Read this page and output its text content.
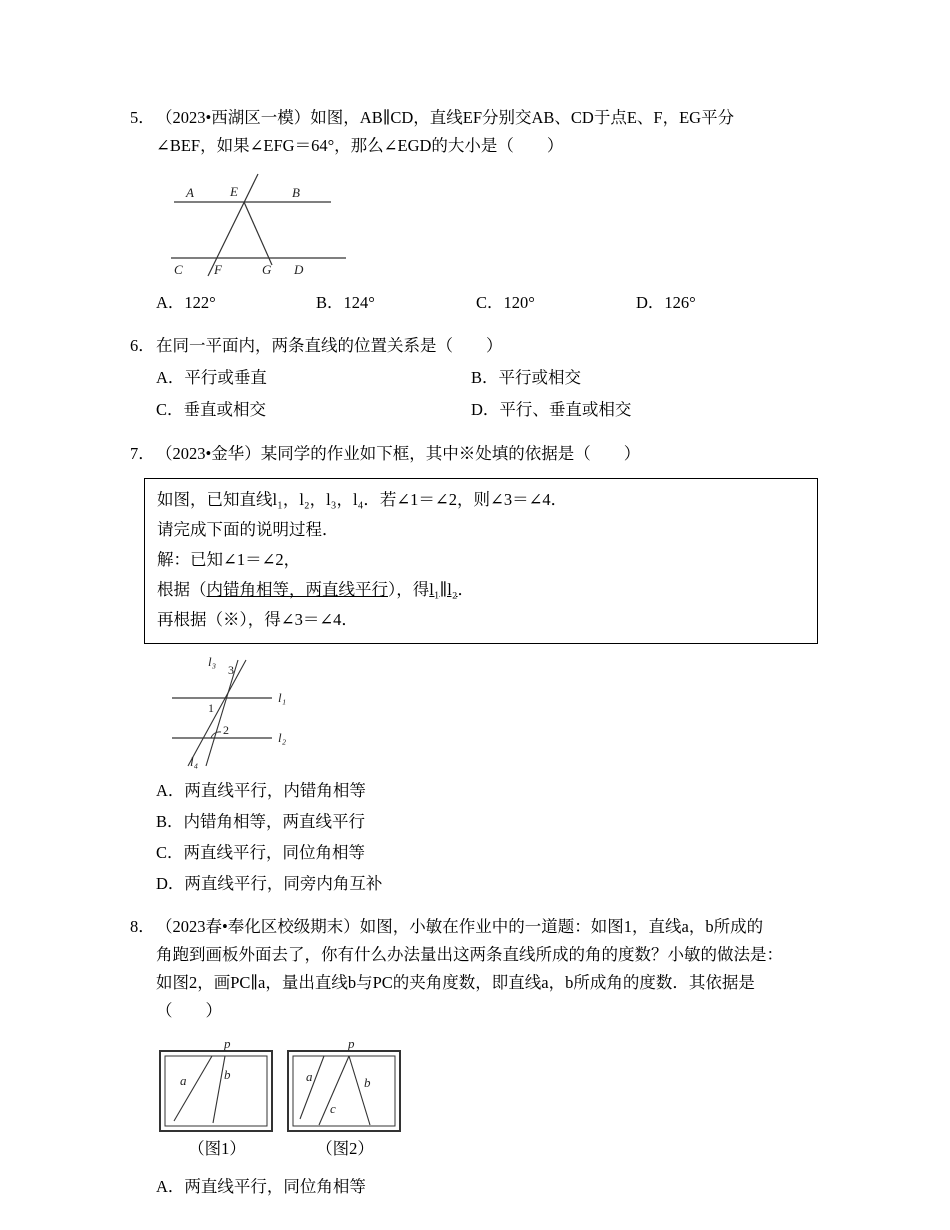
5． （2023•西湖区一模）如图，AB∥CD，直线EF分别交AB、CD于点E、F，EG平分
∠BEF，如果∠EFG＝64°，那么∠EGD的大小是（　　）
A	E	B
C F	G D
A．122°	B．124°	C．120°	D．126°
6． 在同一平面内，两条直线的位置关系是（　　）
A．平行或垂直	B．平行或相交
C．垂直或相交	D．平行、垂直或相交
7． （2023•金华）某同学的作业如下框，其中※处填的依据是（　　）
如图，已知直线l₁，l₂，l₃，l₄．若∠1＝∠2，则∠3＝∠4．
请完成下面的说明过程．
解：已知∠1＝∠2，
根据（内错角相等，两直线平行），得l₁∥l₂．
再根据（※），得∠3＝∠4．
l₃
l₁
l₂
l₄
3
1
2
A．两直线平行，内错角相等
B．内错角相等，两直线平行
C．两直线平行，同位角相等
D．两直线平行，同旁内角互补
8． （2023春•奉化区校级期末）如图，小敏在作业中的一道题：如图1，直线a，b所成的
角跑到画板外面去了，你有什么办法量出这两条直线所成的角的度数？小敏的做法是：
如图2，画PC∥a，量出直线b与PC的夹角度数，即直线a，b所成角的度数．其依据是
（　　）
a	b
p
（图1）
a	b
c
p
（图2）
A．两直线平行，同位角相等
